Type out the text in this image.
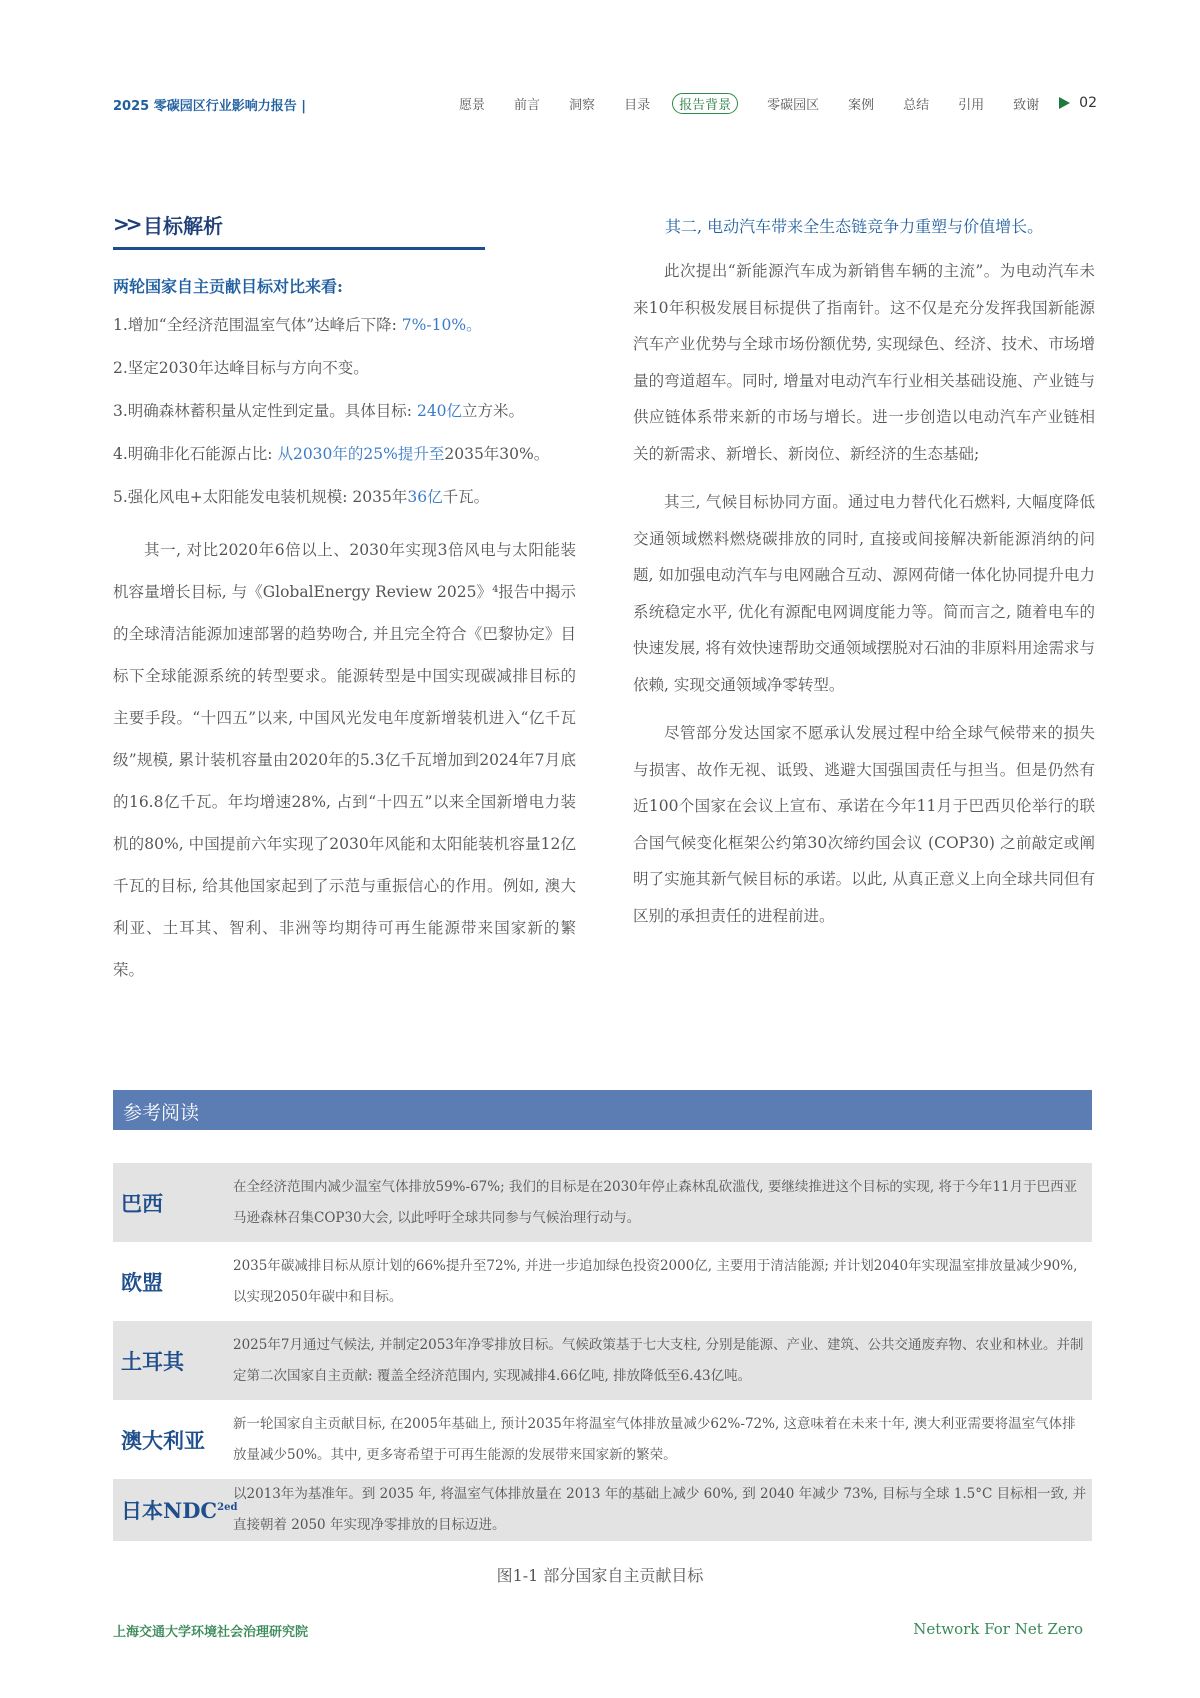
2025 零碳园区行业影响力报告 |	愿景 前言 洞察 目录	报告背景	零碳园区 案例 总结 引用 致谢	02
>> 目标解析
两轮国家自主贡献目标对比来看:
1.增加“全经济范围温室气体”达峰后下降: 7%-10%。
2.坚定2030年达峰目标与方向不变。
3.明确森林蓄积量从定性到定量。具体目标: 240亿立方米。
4.明确非化石能源占比: 从2030年的25%提升至2035年30%。
5.强化风电+太阳能发电装机规模: 2035年36亿千瓦。

其一, 对比2020年6倍以上、2030年实现3倍风电与太阳能装机容量增长目标, 与《GlobalEnergy Review 2025》⁴报告中揭示的全球清洁能源加速部署的趋势吻合, 并且完全符合《巴黎协定》目标下全球能源系统的转型要求。能源转型是中国实现碳减排目标的主要手段。“十四五”以来, 中国风光发电年度新增装机进入“亿千瓦级”规模, 累计装机容量由2020年的5.3亿千瓦增加到2024年7月底的16.8亿千瓦。年均增速28%, 占到“十四五”以来全国新增电力装机的80%, 中国提前六年实现了2030年风能和太阳能装机容量12亿千瓦的目标, 给其他国家起到了示范与重振信心的作用。例如, 澳大利亚、土耳其、智利、非洲等均期待可再生能源带来国家新的繁荣。

其二, 电动汽车带来全生态链竞争力重塑与价值增长。

此次提出“新能源汽车成为新销售车辆的主流”。为电动汽车未来10年积极发展目标提供了指南针。这不仅是充分发挥我国新能源汽车产业优势与全球市场份额优势, 实现绿色、经济、技术、市场增量的弯道超车。同时, 增量对电动汽车行业相关基础设施、产业链与供应链体系带来新的市场与增长。进一步创造以电动汽车产业链相关的新需求、新增长、新岗位、新经济的生态基础;

其三, 气候目标协同方面。通过电力替代化石燃料, 大幅度降低交通领域燃料燃烧碳排放的同时, 直接或间接解决新能源消纳的问题, 如加强电动汽车与电网融合互动、源网荷储一体化协同提升电力系统稳定水平, 优化有源配电网调度能力等。简而言之, 随着电车的快速发展, 将有效快速帮助交通领域摆脱对石油的非原料用途需求与依赖, 实现交通领域净零转型。

尽管部分发达国家不愿承认发展过程中给全球气候带来的损失与损害、故作无视、诋毁、逃避大国强国责任与担当。但是仍然有近100个国家在会议上宣布、承诺在今年11月于巴西贝伦举行的联合国气候变化框架公约第30次缔约国会议 (COP30) 之前敲定或阐明了实施其新气候目标的承诺。以此, 从真正意义上向全球共同但有区别的承担责任的进程前进。

参考阅读
巴西
在全经济范围内减少温室气体排放59%-67%; 我们的目标是在2030年停止森林乱砍滥伐, 要继续推进这个目标的实现, 将于今年11月于巴西亚马逊森林召集COP30大会, 以此呼吁全球共同参与气候治理行动与。
欧盟
2035年碳减排目标从原计划的66%提升至72%, 并进一步追加绿色投资2000亿, 主要用于清洁能源; 并计划2040年实现温室排放量减少90%, 以实现2050年碳中和目标。
土耳其
2025年7月通过气候法, 并制定2053年净零排放目标。气候政策基于七大支柱, 分别是能源、产业、建筑、公共交通废弃物、农业和林业。并制定第二次国家自主贡献: 覆盖全经济范围内, 实现减排4.66亿吨, 排放降低至6.43亿吨。
澳大利亚
新一轮国家自主贡献目标, 在2005年基础上, 预计2035年将温室气体排放量减少62%-72%, 这意味着在未来十年, 澳大利亚需要将温室气体排放量减少50%。其中, 更多寄希望于可再生能源的发展带来国家新的繁荣。
日本$NDC^{2ed}$
以2013年为基准年。到 2035 年, 将温室气体排放量在 2013 年的基础上减少 60%, 到 2040 年减少 73%, 目标与全球 1.5°C 目标相一致, 并直接朝着 2050 年实现净零排放的目标迈进。
图1-1 部分国家自主贡献目标
上海交通大学环境社会治理研究院	Network For Net Zero
